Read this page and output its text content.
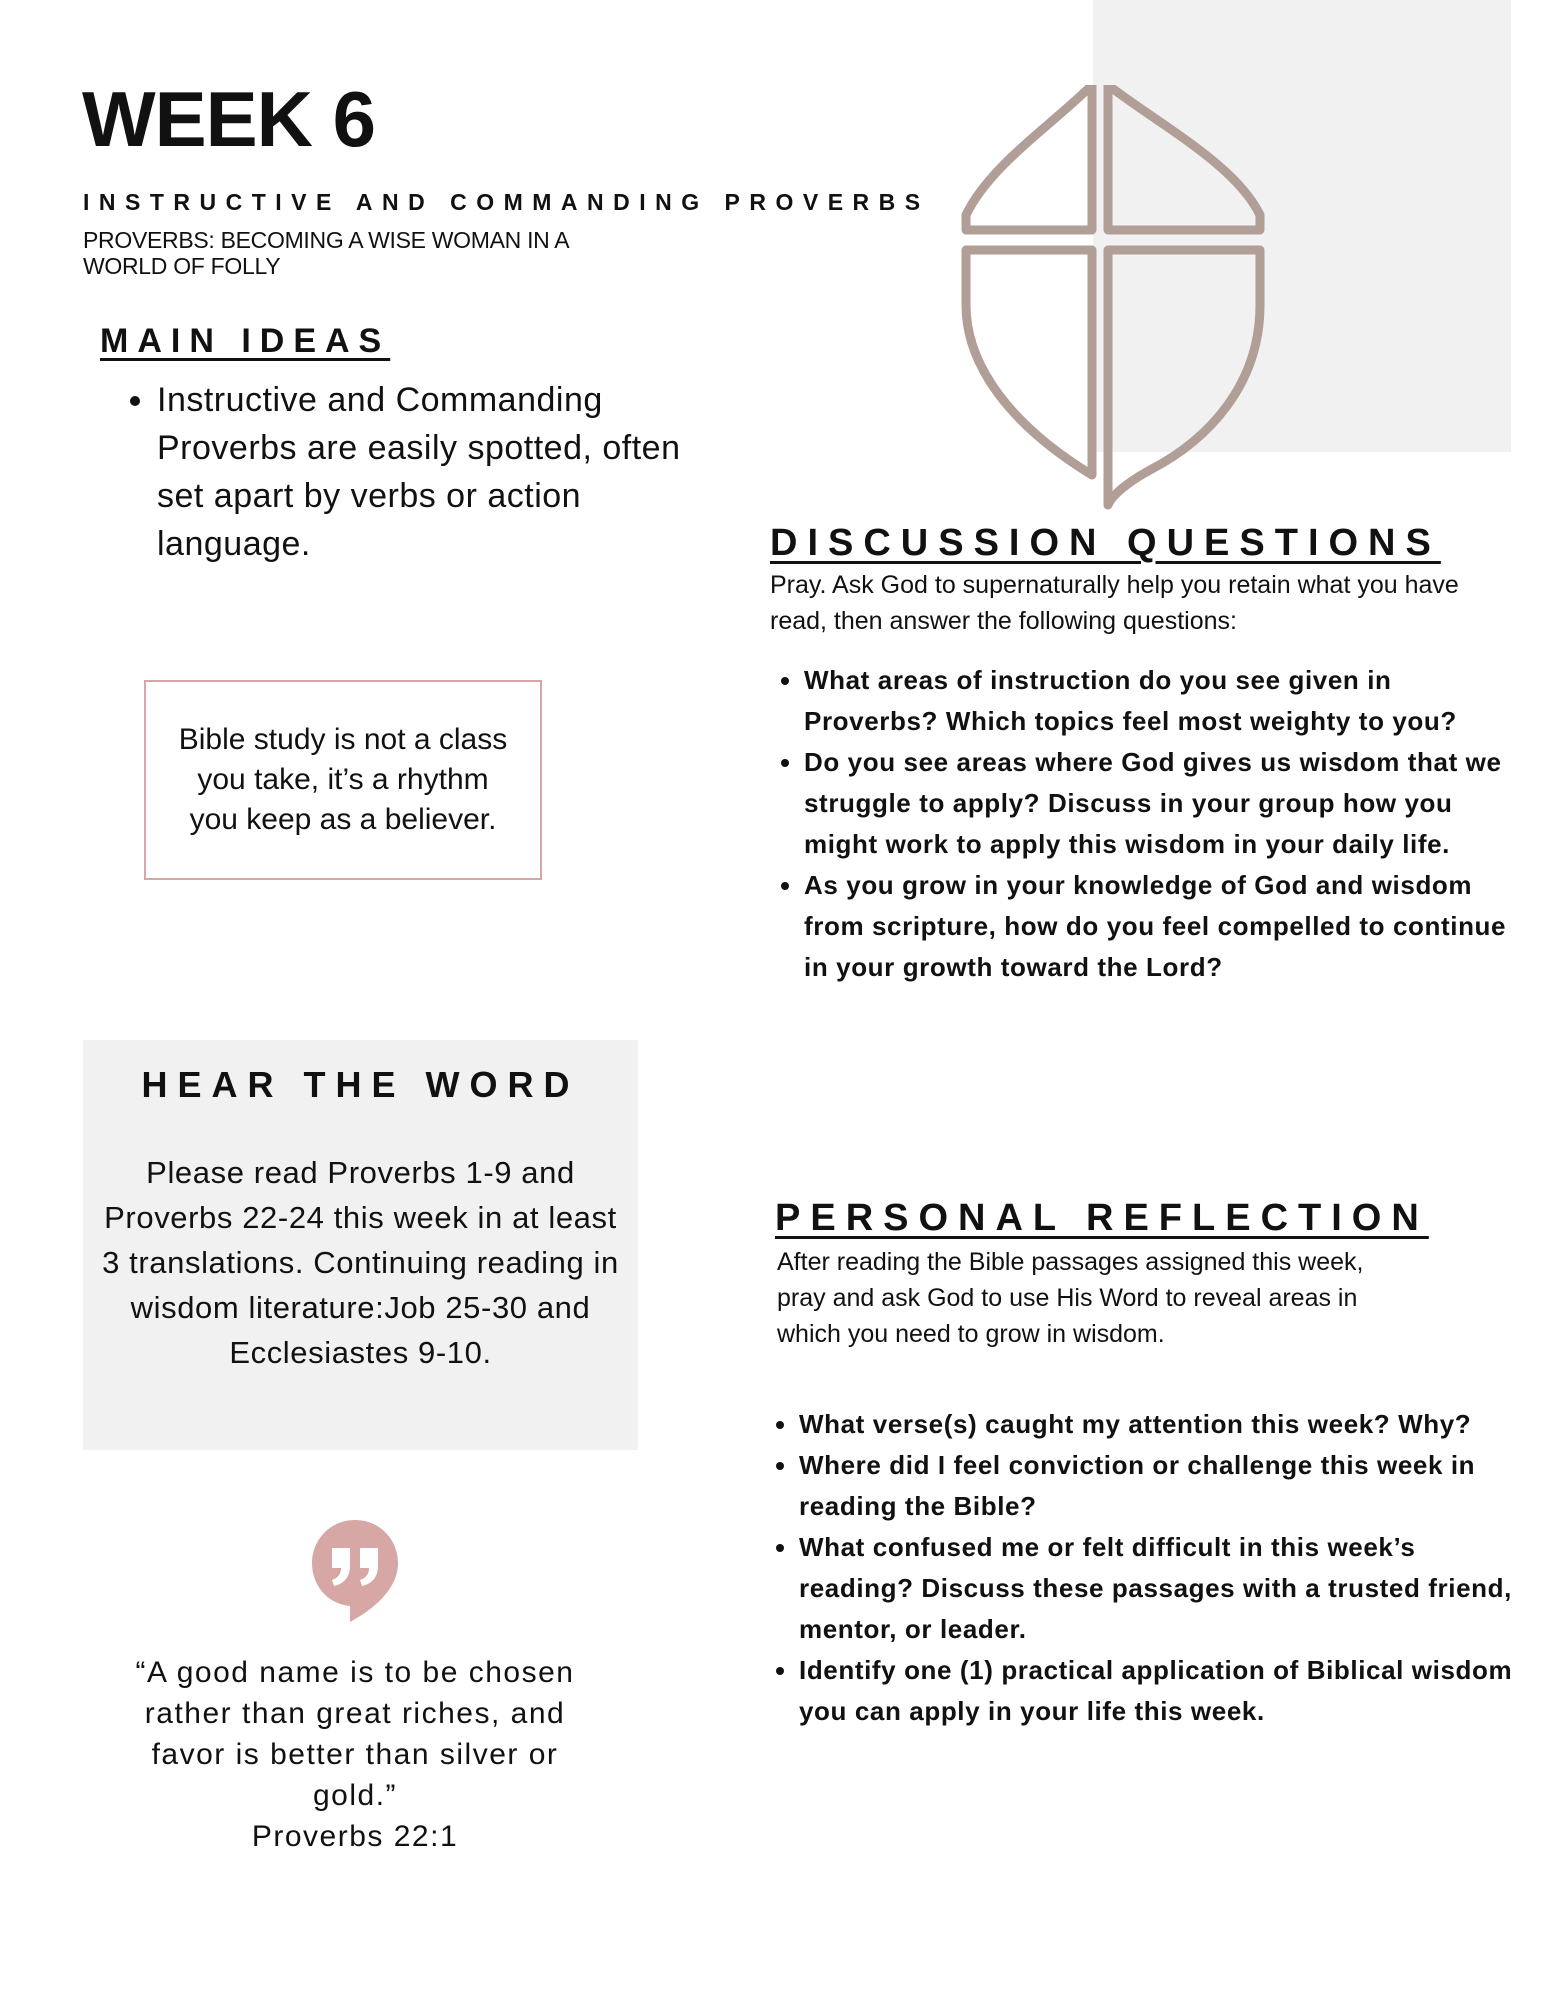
WEEK 6
INSTRUCTIVE AND COMMANDING PROVERBS
PROVERBS: BECOMING A WISE WOMAN IN A WORLD OF FOLLY
MAIN IDEAS
• Instructive and Commanding Proverbs are easily spotted, often set apart by verbs or action language.
Bible study is not a class you take, it’s a rhythm you keep as a believer.
HEAR THE WORD

Please read Proverbs 1-9 and Proverbs 22-24 this week in at least 3 translations. Continuing reading in wisdom literature:Job 25-30 and Ecclesiastes 9-10.

“A good name is to be chosen rather than great riches, and favor is better than silver or gold.”
Proverbs 22:1
DISCUSSION QUESTIONS
Pray. Ask God to supernaturally help you retain what you have read, then answer the following questions:
• What areas of instruction do you see given in Proverbs? Which topics feel most weighty to you?
• Do you see areas where God gives us wisdom that we struggle to apply? Discuss in your group how you might work to apply this wisdom in your daily life.
• As you grow in your knowledge of God and wisdom from scripture, how do you feel compelled to continue in your growth toward the Lord?
PERSONAL REFLECTION
After reading the Bible passages assigned this week, pray and ask God to use His Word to reveal areas in which you need to grow in wisdom.
• What verse(s) caught my attention this week? Why?
• Where did I feel conviction or challenge this week in reading the Bible?
• What confused me or felt difficult in this week’s reading? Discuss these passages with a trusted friend, mentor, or leader.
• Identify one (1) practical application of Biblical wisdom you can apply in your life this week.
